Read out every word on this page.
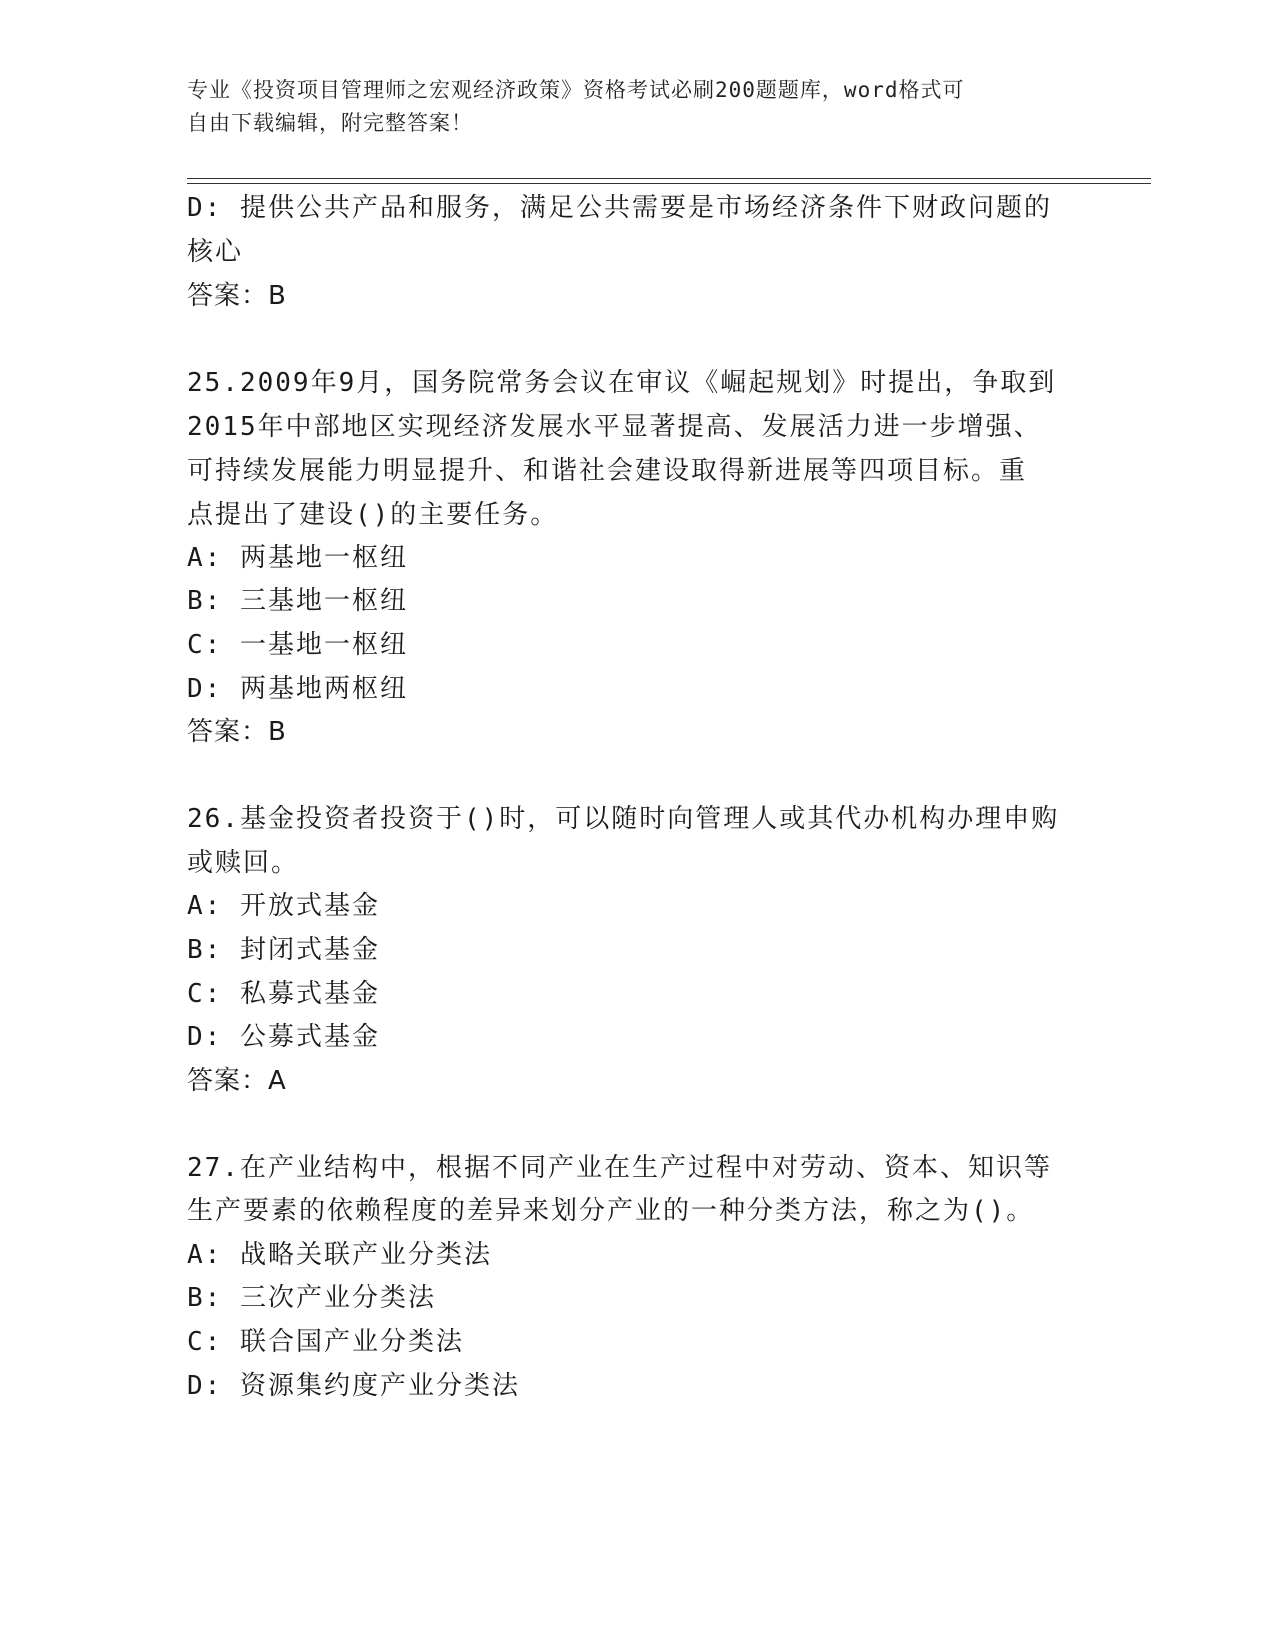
专业《投资项目管理师之宏观经济政策》资格考试必刷200题题库，word格式可
自由下载编辑，附完整答案！
D: 提供公共产品和服务，满足公共需要是市场经济条件下财政问题的
核心
答案：B
25.2009年9月，国务院常务会议在审议《崛起规划》时提出，争取到
2015年中部地区实现经济发展水平显著提高、发展活力进一步增强、
可持续发展能力明显提升、和谐社会建设取得新进展等四项目标。重
点提出了建设()的主要任务。
A: 两基地一枢纽
B: 三基地一枢纽
C: 一基地一枢纽
D: 两基地两枢纽
答案：B
26.基金投资者投资于()时，可以随时向管理人或其代办机构办理申购
或赎回。
A: 开放式基金
B: 封闭式基金
C: 私募式基金
D: 公募式基金
答案：A
27.在产业结构中，根据不同产业在生产过程中对劳动、资本、知识等
生产要素的依赖程度的差异来划分产业的一种分类方法，称之为()。
A: 战略关联产业分类法
B: 三次产业分类法
C: 联合国产业分类法
D: 资源集约度产业分类法
